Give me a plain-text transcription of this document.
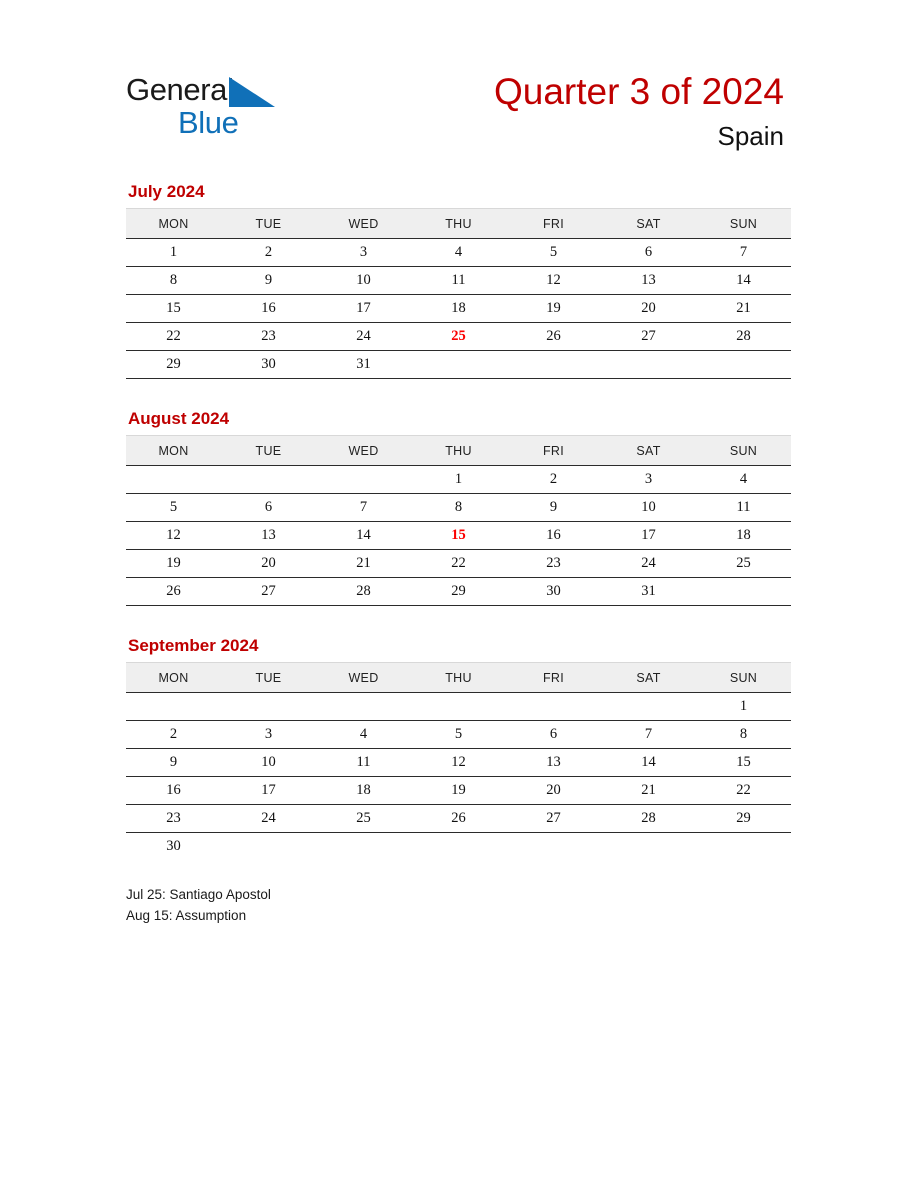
General
Blue
Quarter 3 of 2024
Spain
July 2024
MON	TUE	WED	THU	FRI	SAT	SUN
1	2	3	4	5	6	7
8	9	10	11	12	13	14
15	16	17	18	19	20	21
22	23	24	25	26	27	28
29	30	31				
August 2024
MON	TUE	WED	THU	FRI	SAT	SUN
			1	2	3	4
5	6	7	8	9	10	11
12	13	14	15	16	17	18
19	20	21	22	23	24	25
26	27	28	29	30	31	
September 2024
MON	TUE	WED	THU	FRI	SAT	SUN
						1
2	3	4	5	6	7	8
9	10	11	12	13	14	15
16	17	18	19	20	21	22
23	24	25	26	27	28	29
30						
Jul 25: Santiago Apostol
Aug 15: Assumption
